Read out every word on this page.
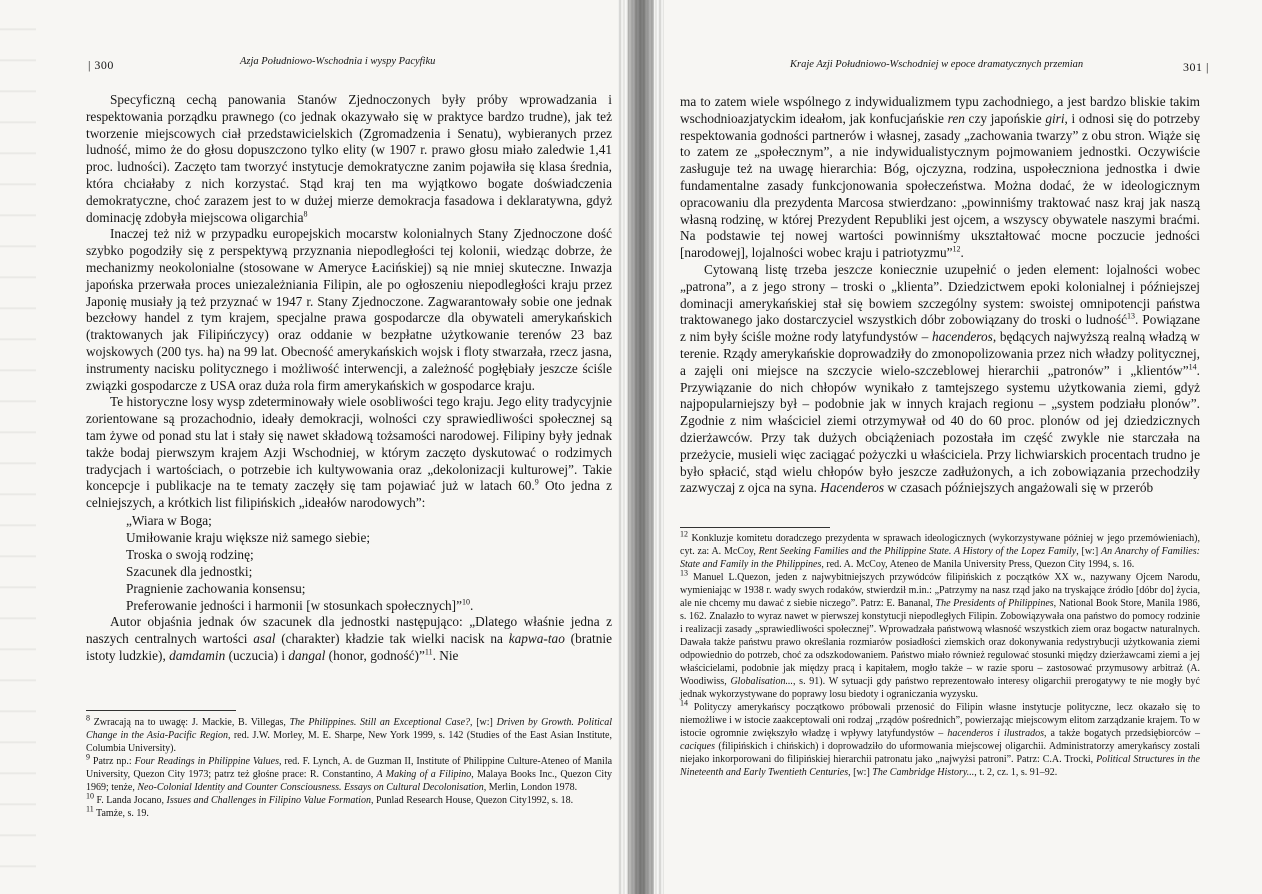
| 300	Azja Południowo-Wschodnia i wyspy Pacyfiku

Specyficzną cechą panowania Stanów Zjednoczonych były próby wprowadzania i respektowania porządku prawnego (co jednak okazywało się w praktyce bardzo trudne), jak też tworzenie miejscowych ciał przedstawicielskich (Zgromadzenia i Senatu), wybieranych przez ludność, mimo że do głosu dopuszczono tylko elity (w 1907 r. prawo głosu miało zaledwie 1,41 proc. ludności). Zaczęto tam tworzyć instytucje demokratyczne zanim pojawiła się klasa średnia, która chciałaby z nich korzystać. Stąd kraj ten ma wyjątkowo bogate doświadczenia demokratyczne, choć zarazem jest to w dużej mierze demokracja fasadowa i deklaratywna, gdyż dominację zdobyła miejscowa oligarchia$^8$

Inaczej też niż w przypadku europejskich mocarstw kolonialnych Stany Zjednoczone dość szybko pogodziły się z perspektywą przyznania niepodległości tej kolonii, wiedząc dobrze, że mechanizmy neokolonialne (stosowane w Ameryce Łacińskiej) są nie mniej skuteczne. Inwazja japońska przerwała proces uniezależniania Filipin, ale po ogłoszeniu niepodległości kraju przez Japonię musiały ją też przyznać w 1947 r. Stany Zjednoczone. Zagwarantowały sobie one jednak bezcłowy handel z tym krajem, specjalne prawa gospodarcze dla obywateli amerykańskich (traktowanych jak Filipińczycy) oraz oddanie w bezpłatne użytkowanie terenów 23 baz wojskowych (200 tys. ha) na 99 lat. Obecność amerykańskich wojsk i floty stwarzała, rzecz jasna, instrumenty nacisku politycznego i możliwość interwencji, a zależność pogłębiały jeszcze ściśle związki gospodarcze z USA oraz duża rola firm amerykańskich w gospodarce kraju.

Te historyczne losy wysp zdeterminowały wiele osobliwości tego kraju. Jego elity tradycyjnie zorientowane są prozachodnio, ideały demokracji, wolności czy sprawiedliwości społecznej są tam żywe od ponad stu lat i stały się nawet składową tożsamości narodowej. Filipiny były jednak także bodaj pierwszym krajem Azji Wschodniej, w którym zaczęto dyskutować o rodzimych tradycjach i wartościach, o potrzebie ich kultywowania oraz „dekolonizacji kulturowej”. Takie koncepcje i publikacje na te tematy zaczęły się tam pojawiać już w latach 60.$^9$ Oto jedna z celniejszych, a krótkich list filipińskich „ideałów narodowych”:

„Wiara w Boga;
Umiłowanie kraju większe niż samego siebie;
Troska o swoją rodzinę;
Szacunek dla jednostki;
Pragnienie zachowania konsensu;
Preferowanie jedności i harmonii [w stosunkach społecznych]”$^{10}$.

Autor objaśnia jednak ów szacunek dla jednostki następująco: „Dlatego właśnie jedna z naszych centralnych wartości asal (charakter) kładzie tak wielki nacisk na kapwa-tao (bratnie istoty ludzkie), damdamin (uczucia) i dangal (honor, godność)”$^{11}$. Nie

$^8$ Zwracają na to uwagę: J. Mackie, B. Villegas, The Philippines. Still an Exceptional Case?, [w:] Driven by Growth. Political Change in the Asia-Pacific Region, red. J.W. Morley, M. E. Sharpe, New York 1999, s. 142 (Studies of the East Asian Institute, Columbia University).

$^9$ Patrz np.: Four Readings in Philippine Values, red. F. Lynch, A. de Guzman II, Institute of Philippine Culture-Ateneo of Manila University, Quezon City 1973; patrz też głośne prace: R. Constantino, A Making of a Filipino, Malaya Books Inc., Quezon City 1969; tenże, Neo-Colonial Identity and Counter Consciousness. Essays on Cultural Decolonisation, Merlin, London 1978.

$^{10}$ F. Landa Jocano, Issues and Challenges in Filipino Value Formation, Punlad Research House, Quezon City1992, s. 18.

$^{11}$ Tamże, s. 19.

Kraje Azji Południowo-Wschodniej w epoce dramatycznych przemian	301 |

ma to zatem wiele wspólnego z indywidualizmem typu zachodniego, a jest bardzo bliskie takim wschodnioazjatyckim ideałom, jak konfucjańskie ren czy japońskie giri, i odnosi się do potrzeby respektowania godności partnerów i własnej, zasady „zachowania twarzy” z obu stron. Wiąże się to zatem ze „społecznym”, a nie indywidualistycznym pojmowaniem jednostki. Oczywiście zasługuje też na uwagę hierarchia: Bóg, ojczyzna, rodzina, uspołeczniona jednostka i dwie fundamentalne zasady funkcjonowania społeczeństwa. Można dodać, że w ideologicznym opracowaniu dla prezydenta Marcosa stwierdzano: „powinniśmy traktować nasz kraj jak naszą własną rodzinę, w której Prezydent Republiki jest ojcem, a wszyscy obywatele naszymi braćmi. Na podstawie tej nowej wartości powinniśmy ukształtować mocne poczucie jedności [narodowej], lojalności wobec kraju i patriotyzmu”$^{12}$.

Cytowaną listę trzeba jeszcze koniecznie uzupełnić o jeden element: lojalności wobec „patrona”, a z jego strony – troski o „klienta”. Dziedzictwem epoki kolonialnej i późniejszej dominacji amerykańskiej stał się bowiem szczególny system: swoistej omnipotencji państwa traktowanego jako dostarczyciel wszystkich dóbr zobowiązany do troski o ludność$^{13}$. Powiązane z nim były ściśle możne rody latyfundystów – hacenderos, będących najwyższą realną władzą w terenie. Rządy amerykańskie doprowadziły do zmonopolizowania przez nich władzy politycznej, a zajęli oni miejsce na szczycie wielo-szczeblowej hierarchii „patronów” i „klientów”$^{14}$. Przywiązanie do nich chłopów wynikało z tamtejszego systemu użytkowania ziemi, gdyż najpopularniejszy był – podobnie jak w innych krajach regionu – „system podziału plonów”. Zgodnie z nim właściciel ziemi otrzymywał od 40 do 60 proc. plonów od jej dziedzicznych dzierżawców. Przy tak dużych obciążeniach pozostała im część zwykle nie starczała na przeżycie, musieli więc zaciągać pożyczki u właściciela. Przy lichwiarskich procentach trudno je było spłacić, stąd wielu chłopów było jeszcze zadłużonych, a ich zobowiązania przechodziły zazwyczaj z ojca na syna. Hacenderos w czasach późniejszych angażowali się w przerób

$^{12}$ Konkluzje komitetu doradczego prezydenta w sprawach ideologicznych (wykorzystywane później w jego przemówieniach), cyt. za: A. McCoy, Rent Seeking Families and the Philippine State. A History of the Lopez Family, [w:] An Anarchy of Families: State and Family in the Philippines, red. A. McCoy, Ateneo de Manila University Press, Quezon City 1994, s. 16.

$^{13}$ Manuel L.Quezon, jeden z najwybitniejszych przywódców filipińskich z początków XX w., nazywany Ojcem Narodu, wymieniając w 1938 r. wady swych rodaków, stwierdził m.in.: „Patrzymy na nasz rząd jako na tryskające źródło [dóbr do] życia, ale nie chcemy mu dawać z siebie niczego”. Patrz: E. Bananal, The Presidents of Philippines, National Book Store, Manila 1986, s. 162. Znalazło to wyraz nawet w pierwszej konstytucji niepodległych Filipin. Zobowiązywała ona państwo do pomocy rodzinie i realizacji zasady „sprawiedliwości społecznej”. Wprowadzała państwową własność wszystkich ziem oraz bogactw naturalnych. Dawała także państwu prawo określania rozmiarów posiadłości ziemskich oraz dokonywania redystrybucji użytkowania ziemi odpowiednio do potrzeb, choć za odszkodowaniem. Państwo miało również regulować stosunki między dzierżawcami ziemi a jej właścicielami, podobnie jak między pracą i kapitałem, mogło także – w razie sporu – zastosować przymusowy arbitraż (A. Woodiwiss, Globalisation..., s. 91). W sytuacji gdy państwo reprezentowało interesy oligarchii prerogatywy te nie mogły być jednak wykorzystywane do poprawy losu biedoty i ograniczania wyzysku.

$^{14}$ Polityczy amerykańscy początkowo próbowali przenosić do Filipin własne instytucje polityczne, lecz okazało się to niemożliwe i w istocie zaakceptowali oni rodzaj „rządów pośrednich”, powierzając miejscowym elitom zarządzanie krajem. To w istocie ogromnie zwiększyło władzę i wpływy latyfundystów – hacenderos i ilustrados, a także bogatych przedsiębiorców – caciques (filipińskich i chińskich) i doprowadziło do uformowania miejscowej oligarchii. Administratorzy amerykańscy zostali niejako inkorporowani do filipińskiej hierarchii patronatu jako „najwyżsi patroni”. Patrz: C.A. Trocki, Political Structures in the Nineteenth and Early Twentieth Centuries, [w:] The Cambridge History..., t. 2, cz. 1, s. 91–92.
